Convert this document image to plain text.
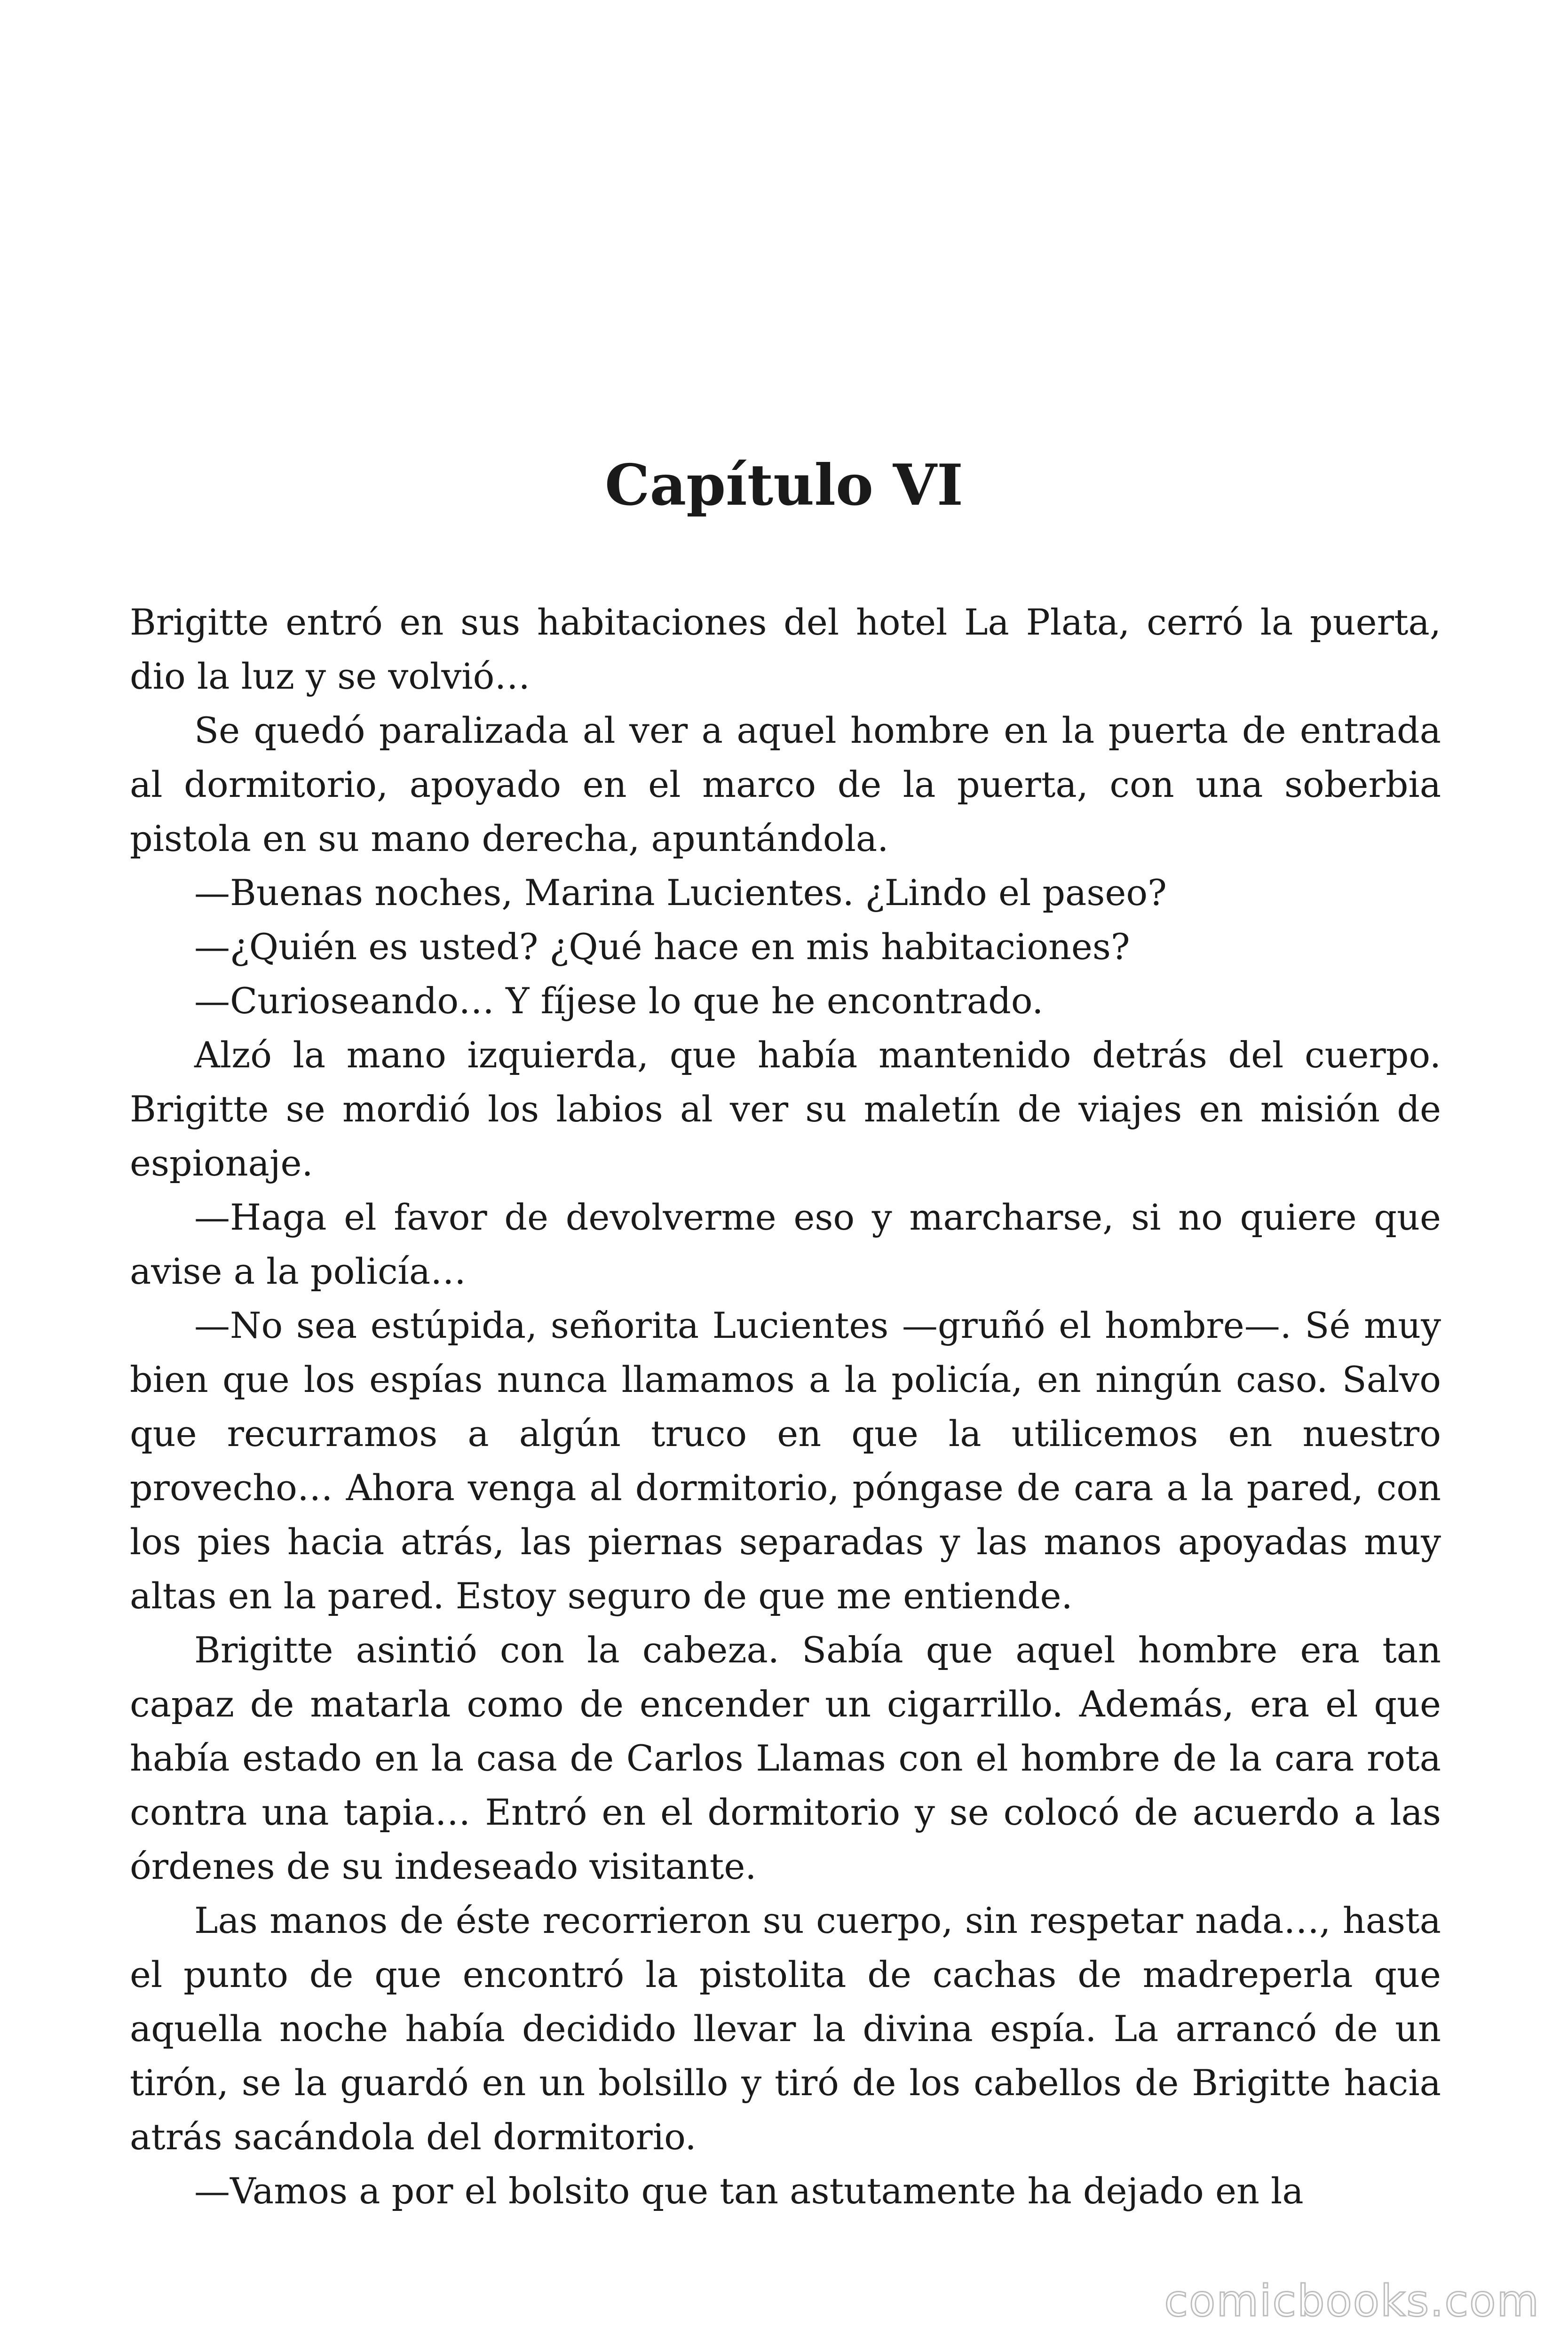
Capítulo VI

Brigitte entró en sus habitaciones del hotel La Plata, cerró la puerta, dio la luz y se volvió…

Se quedó paralizada al ver a aquel hombre en la puerta de entrada al dormitorio, apoyado en el marco de la puerta, con una soberbia pistola en su mano derecha, apuntándola.

—Buenas noches, Marina Lucientes. ¿Lindo el paseo?

—¿Quién es usted? ¿Qué hace en mis habitaciones?

—Curioseando… Y fíjese lo que he encontrado.

Alzó la mano izquierda, que había mantenido detrás del cuerpo. Brigitte se mordió los labios al ver su maletín de viajes en misión de espionaje.

—Haga el favor de devolverme eso y marcharse, si no quiere que avise a la policía…

—No sea estúpida, señorita Lucientes —gruñó el hombre—. Sé muy bien que los espías nunca llamamos a la policía, en ningún caso. Salvo que recurramos a algún truco en que la utilicemos en nuestro provecho… Ahora venga al dormitorio, póngase de cara a la pared, con los pies hacia atrás, las piernas separadas y las manos apoyadas muy altas en la pared. Estoy seguro de que me entiende.

Brigitte asintió con la cabeza. Sabía que aquel hombre era tan capaz de matarla como de encender un cigarrillo. Además, era el que había estado en la casa de Carlos Llamas con el hombre de la cara rota contra una tapia… Entró en el dormitorio y se colocó de acuerdo a las órdenes de su indeseado visitante.

Las manos de éste recorrieron su cuerpo, sin respetar nada…, hasta el punto de que encontró la pistolita de cachas de madreperla que aquella noche había decidido llevar la divina espía. La arrancó de un tirón, se la guardó en un bolsillo y tiró de los cabellos de Brigitte hacia atrás sacándola del dormitorio.

—Vamos a por el bolsito que tan astutamente ha dejado en la

comicbooks.com
